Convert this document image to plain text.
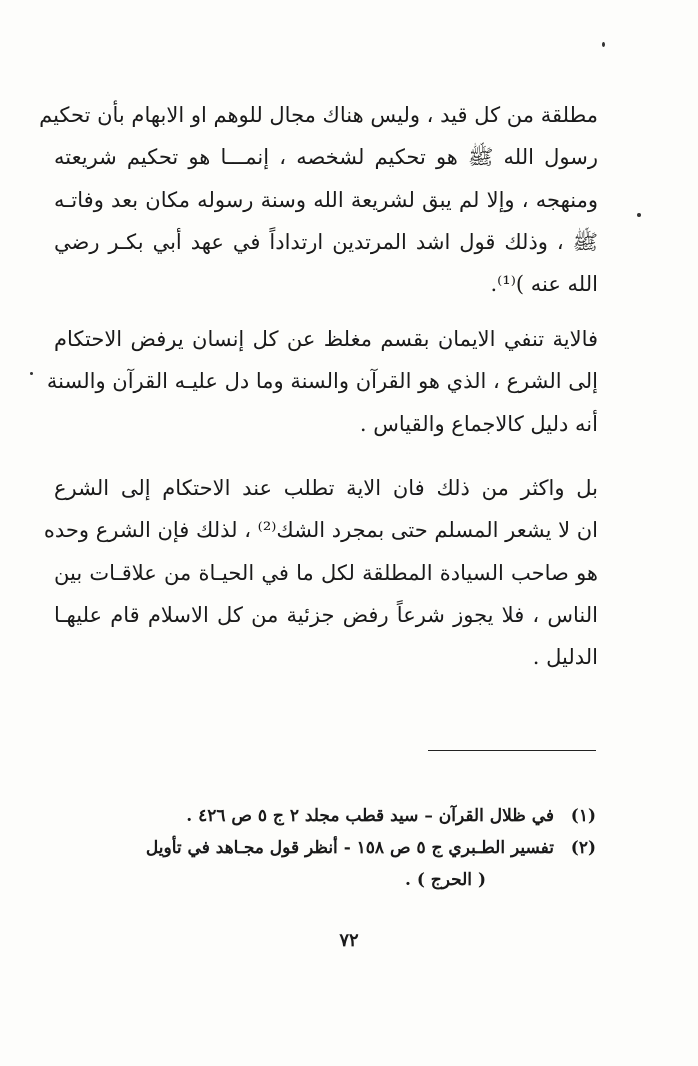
مطلقة من كل قيد ، وليس هناك مجال للوهم او الابهام بأن تحكيم
رسول الله ﷺ هو تحكيم لشخصه ، إنمـــا هو تحكيم شريعته
ومنهجه ، وإلا لم يبق لشريعة الله وسنة رسوله مكان بعد وفاتـه
ﷺ ، وذلك قول اشد المرتدين ارتداداً في عهد أبي بكـر رضي
الله عنه )⁽¹⁾.

فالاية تنفي الايمان بقسم مغلظ عن كل إنسان يرفض الاحتكام
إلى الشرع ، الذي هو القرآن والسنة وما دل عليـه القرآن والسنة
أنه دليل كالاجماع والقياس .

بل واكثر من ذلك فان الاية تطلب عند الاحتكام إلى الشرع
ان لا يشعر المسلم حتى بمجرد الشك⁽²⁾ ، لذلك فإن الشرع وحده
هو صاحب السيادة المطلقة لكل ما في الحيـاة من علاقـات بين
الناس ، فلا يجوز شرعاً رفض جزئية من كل الاسلام قام عليهـا
الدليل .

(١)
في ظلال القرآن – سيد قطب مجلد ٢ ج ٥ ص ٤٢٦ .
(٢)
تفسير الطـبري ج ٥ ص ١٥٨ - أنظر قول مجـاهد في تأويل
( الحرج ) .
٧٢
